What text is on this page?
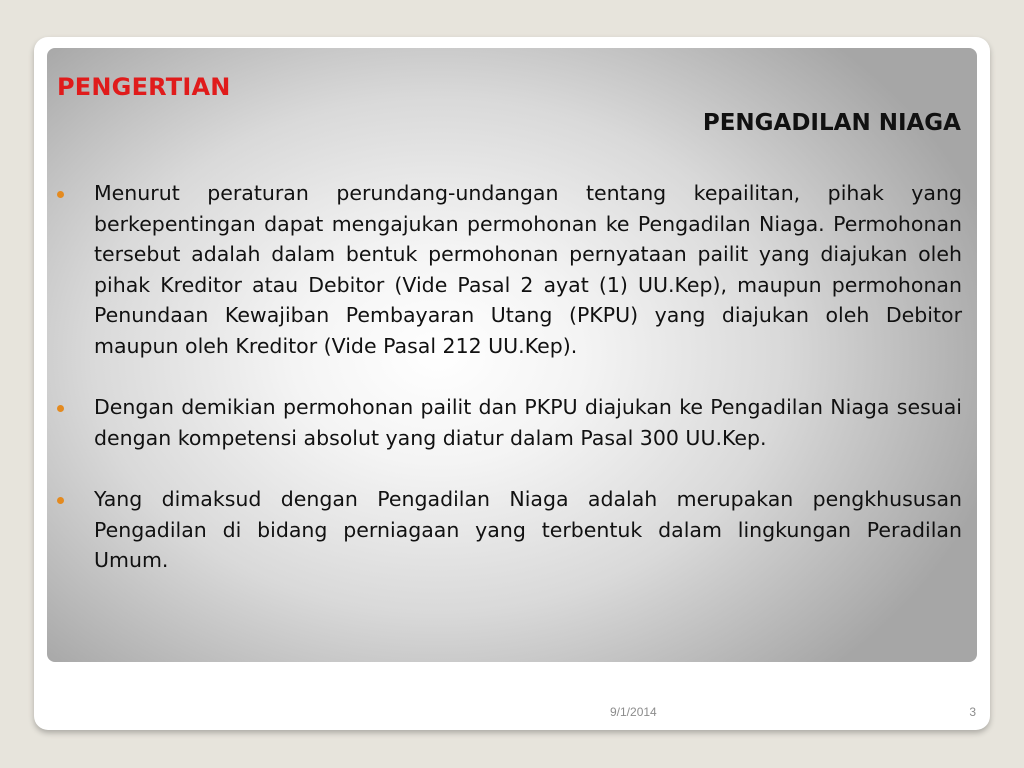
PENGERTIAN
PENGADILAN NIAGA
Menurut peraturan perundang-undangan tentang kepailitan, pihak yang berkepentingan dapat mengajukan permohonan ke Pengadilan Niaga. Permohonan tersebut adalah dalam bentuk permohonan pernyataan pailit yang diajukan oleh pihak Kreditor atau Debitor (Vide Pasal 2 ayat (1) UU.Kep), maupun permohonan Penundaan Kewajiban Pembayaran Utang (PKPU) yang diajukan oleh Debitor maupun oleh Kreditor (Vide Pasal 212 UU.Kep).
Dengan demikian permohonan pailit dan PKPU diajukan ke Pengadilan Niaga sesuai dengan kompetensi absolut yang diatur dalam Pasal 300 UU.Kep.
Yang dimaksud dengan Pengadilan Niaga adalah merupakan pengkhususan Pengadilan di bidang perniagaan yang terbentuk dalam lingkungan Peradilan Umum.
9/1/2014	3
